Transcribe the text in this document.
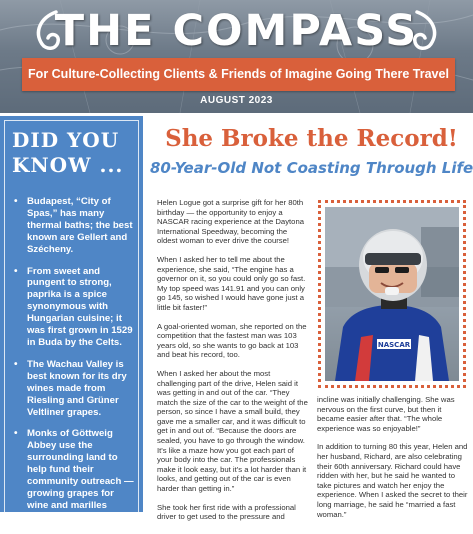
THE COMPASS
For Culture-Collecting Clients & Friends of Imagine Going There Travel
AUGUST 2023
DID YOU KNOW ...
• Budapest, “City of Spas,” has many thermal baths; the best known are Gellert and Szécheny.
• From sweet and pungent to strong, paprika is a spice synonymous with Hungarian cuisine; it was first grown in 1529 in Buda by the Celts.
• The Wachau Valley is best known for its dry wines made from Riesling and Grüner Veltliner grapes.
• Monks of Göttweig Abbey use the surrounding land to help fund their community outreach — growing grapes for wine and marilles (apricots) for juice,
She Broke the Record!
80-Year-Old Not Coasting Through Life

Helen Logue got a surprise gift for her 80th birthday — the opportunity to enjoy a NASCAR racing experience at the Daytona International Speedway, becoming the oldest woman to ever drive the course!

When I asked her to tell me about the experience, she said, “The engine has a governor on it, so you could only go so fast. My top speed was 141.91 and you can only go 145, so wished I would have gone just a little bit faster!”

A goal-oriented woman, she reported on the competition that the fastest man was 103 years old, so she wants to go back at 103 and beat his record, too.

When I asked her about the most challenging part of the drive, Helen said it was getting in and out of the car. “They match the size of the car to the weight of the person, so since I have a small build, they gave me a smaller car, and it was difficult to get in and out of. “Because the doors are sealed, you have to go through the window. It's like a maze how you got each part of your body into the car. The professionals make it look easy, but it's a lot harder than it looks, and getting out of the car is even harder than getting in.”

She took her first ride with a professional driver to get used to the pressure and

NASCAR

incline was initially challenging. She was nervous on the first curve, but then it became easier after that. “The whole experience was so enjoyable!”

In addition to turning 80 this year, Helen and her husband, Richard, are also celebrating their 60th anniversary. Richard could have ridden with her, but he said he wanted to take pictures and watch her enjoy the experience. When I asked the secret to their long marriage, he said he “married a fast woman.”
